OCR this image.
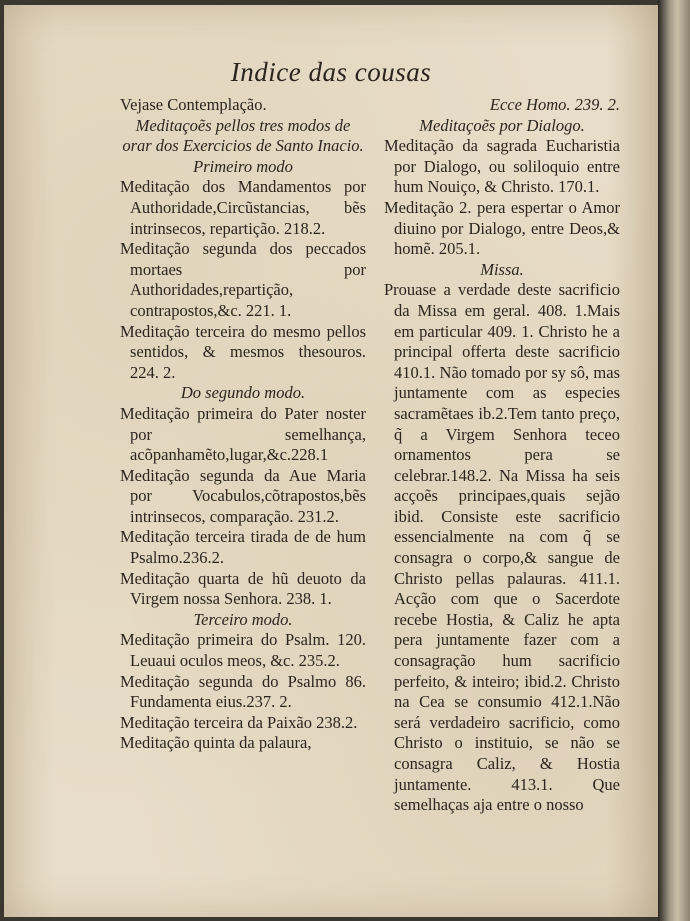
Indice das cousas

Vejase Contemplação.

Meditaçoẽs pellos tres modos de orar dos Exercicios de Santo Inacio.

Primeiro modo

Meditação dos Mandamentos por Authoridade,Circũstancias, bẽs intrinsecos, repartição. 218.2.

Meditação segunda dos peccados mortaes por Authoridades,repartição, contrapostos,&c. 221. 1.

Meditação terceira do mesmo pellos sentidos, & mesmos thesouros. 224. 2.

Do segundo modo.

Meditação primeira do Pater noster por semelhança, acõpanhamẽto,lugar,&c.228.1

Meditação segunda da Aue Maria por Vocabulos,cõtrapostos,bẽs intrinsecos, comparação. 231.2.

Meditação terceira tirada de de hum Psalmo.236.2.

Meditação quarta de hũ deuoto da Virgem nossa Senhora. 238. 1.

Terceiro modo.

Meditação primeira do Psalm. 120. Leuaui oculos meos, &c. 235.2.

Meditação segunda do Psalmo 86. Fundamenta eius.237. 2.

Meditação terceira da Paixão 238.2.

Meditação quinta da palaura,

Ecce Homo. 239. 2.

Meditaçoẽs por Dialogo.

Meditação da sagrada Eucharistia por Dialogo, ou soliloquio entre hum Nouiço, & Christo. 170.1.

Meditação 2. pera espertar o Amor diuino por Dialogo, entre Deos,& homẽ. 205.1.

Missa.

Prouase a verdade deste sacrificio da Missa em geral. 408. 1.Mais em particular 409. 1. Christo he a principal offerta deste sacrificio 410.1. Não tomado por sy sô, mas juntamente com as especies sacramẽtaes ib.2.Tem tanto preço, q̃ a Virgem Senhora teceo ornamentos pera se celebrar.148.2. Na Missa ha seis acçoẽs principaes,quais sejão ibid. Consiste este sacrificio essencialmente na com q̃ se consagra o corpo,& sangue de Christo pellas palauras. 411.1. Acção com que o Sacerdote recebe Hostia, & Caliz he apta pera juntamente fazer com a consagração hum sacrificio perfeito, & inteiro; ibid.2. Christo na Cea se consumio 412.1.Não será verdadeiro sacrificio, como Christo o instituio, se não se consagra Caliz, & Hostia juntamente. 413.1. Que semelhaças aja entre o nosso
